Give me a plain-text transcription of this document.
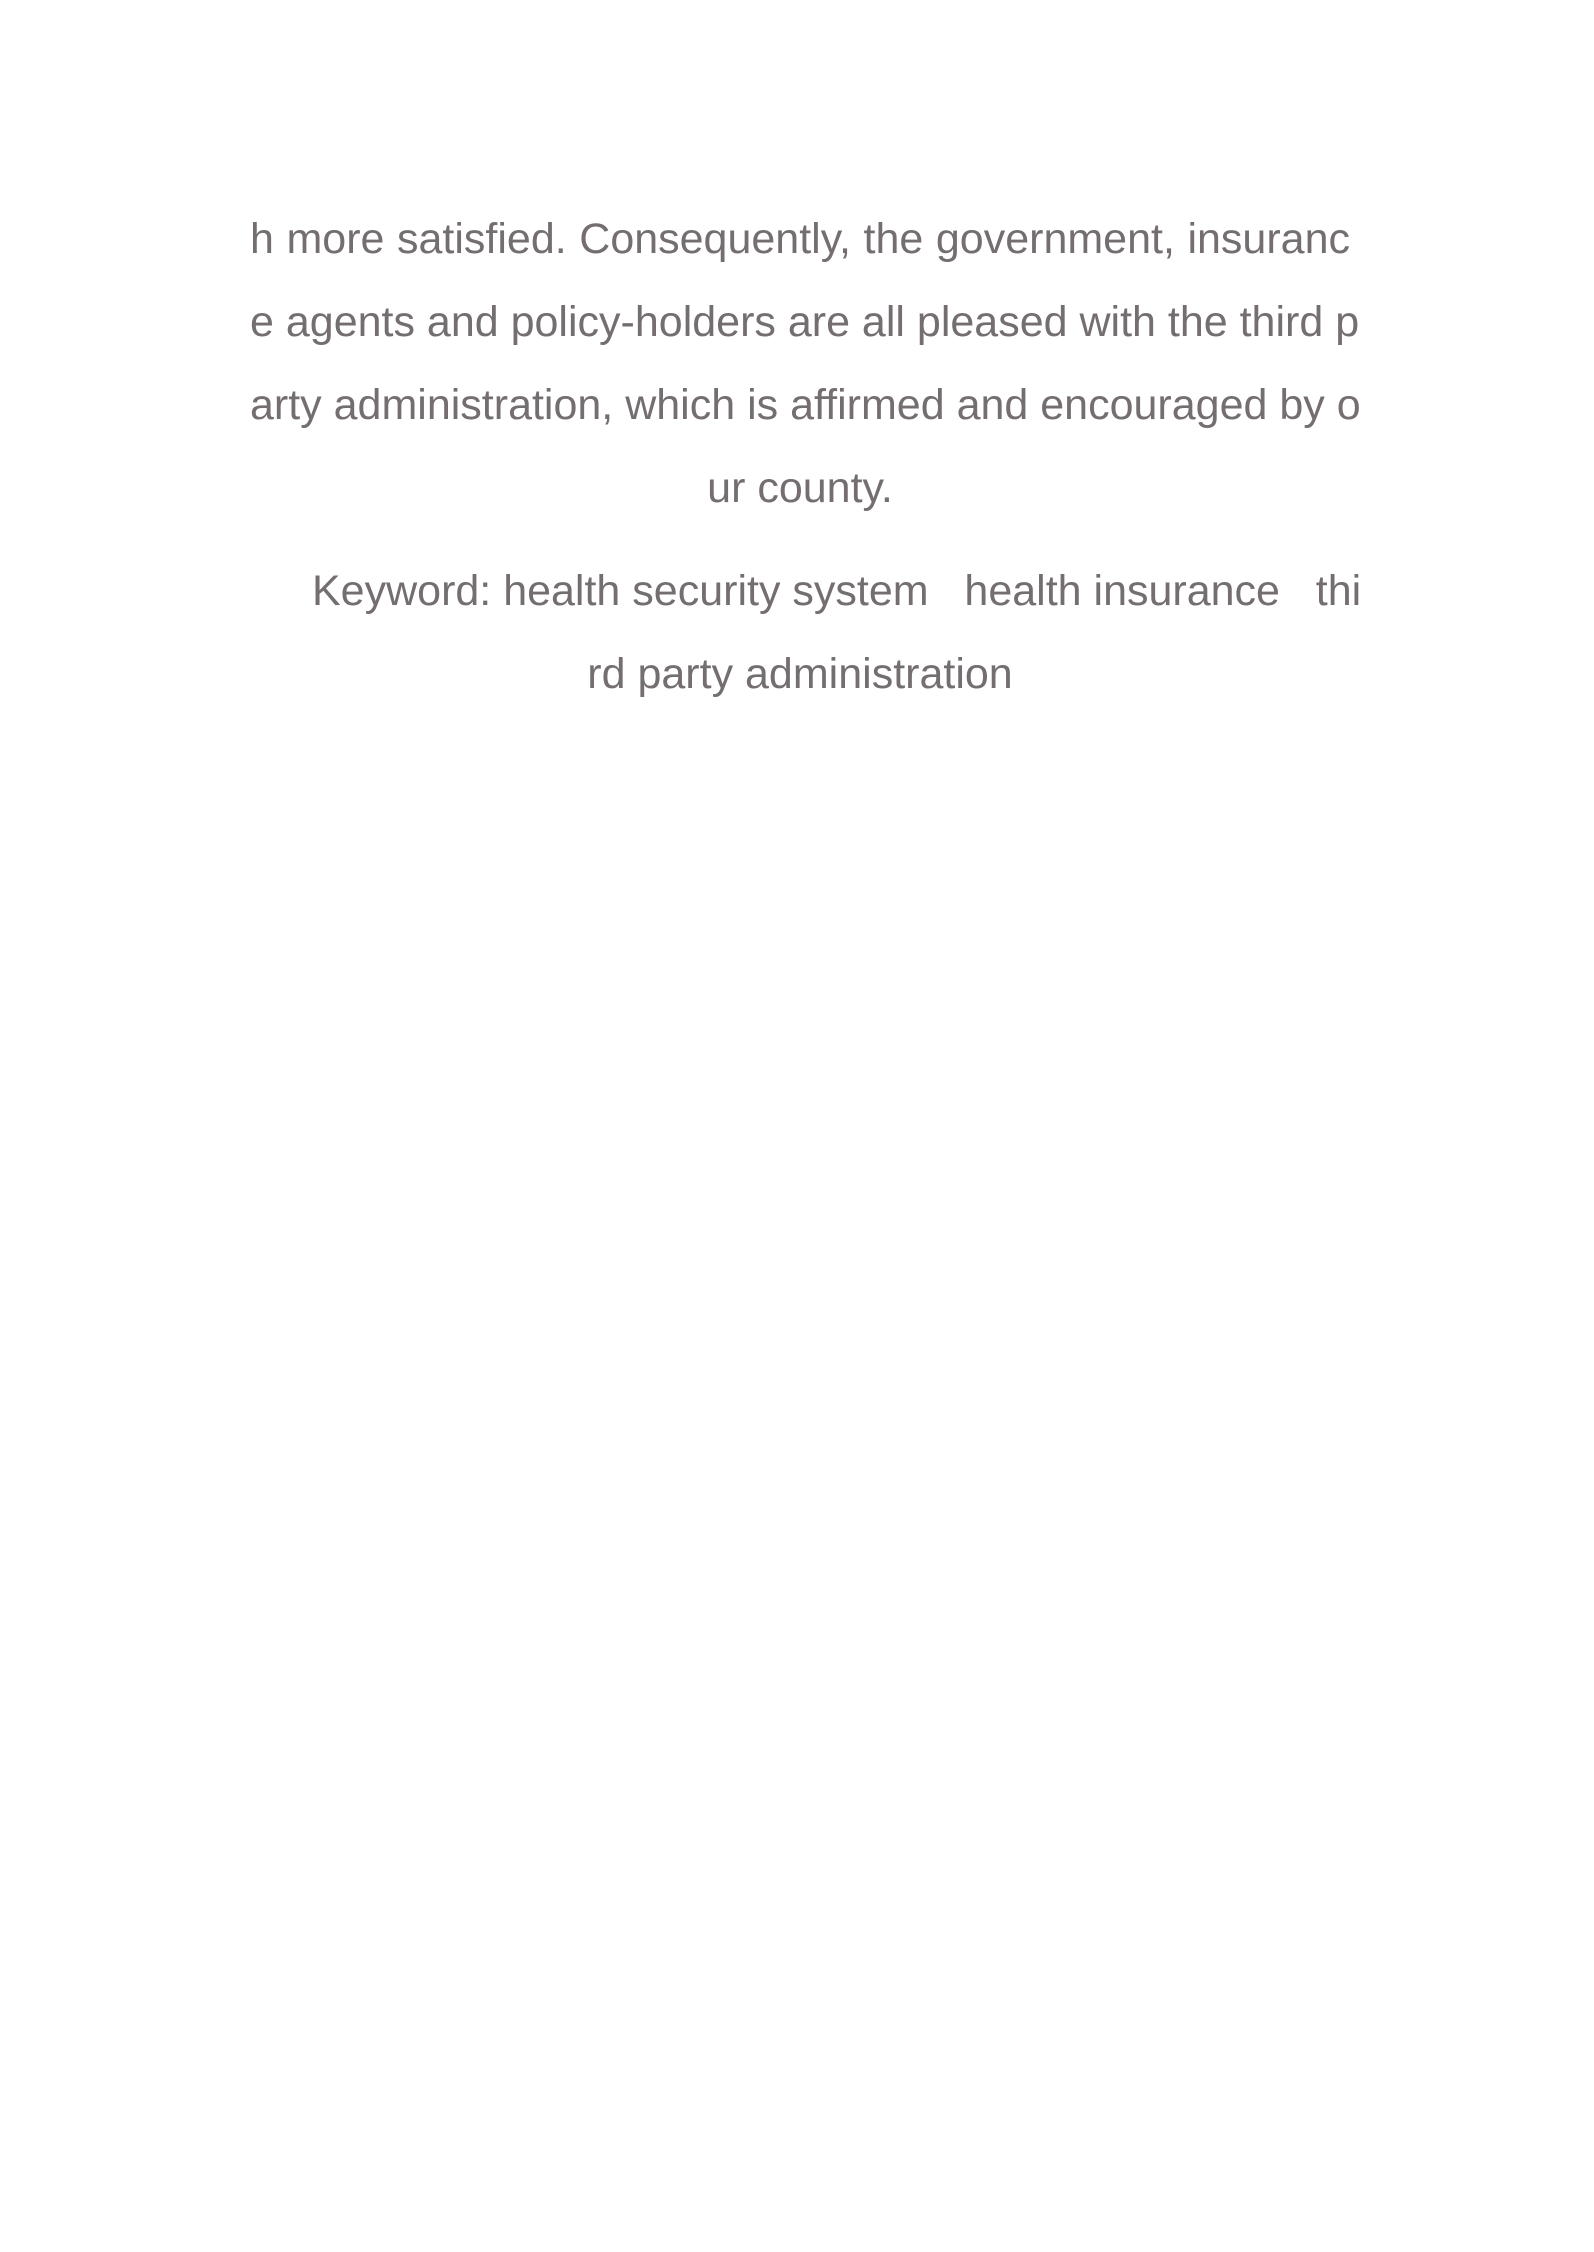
h more satisfied. Consequently, the government, insuranc
e agents and policy-holders are all pleased with the third p
arty administration, which is affirmed and encouraged by o
ur county.
Keyword: health security system   health insurance   thi
rd party administration
